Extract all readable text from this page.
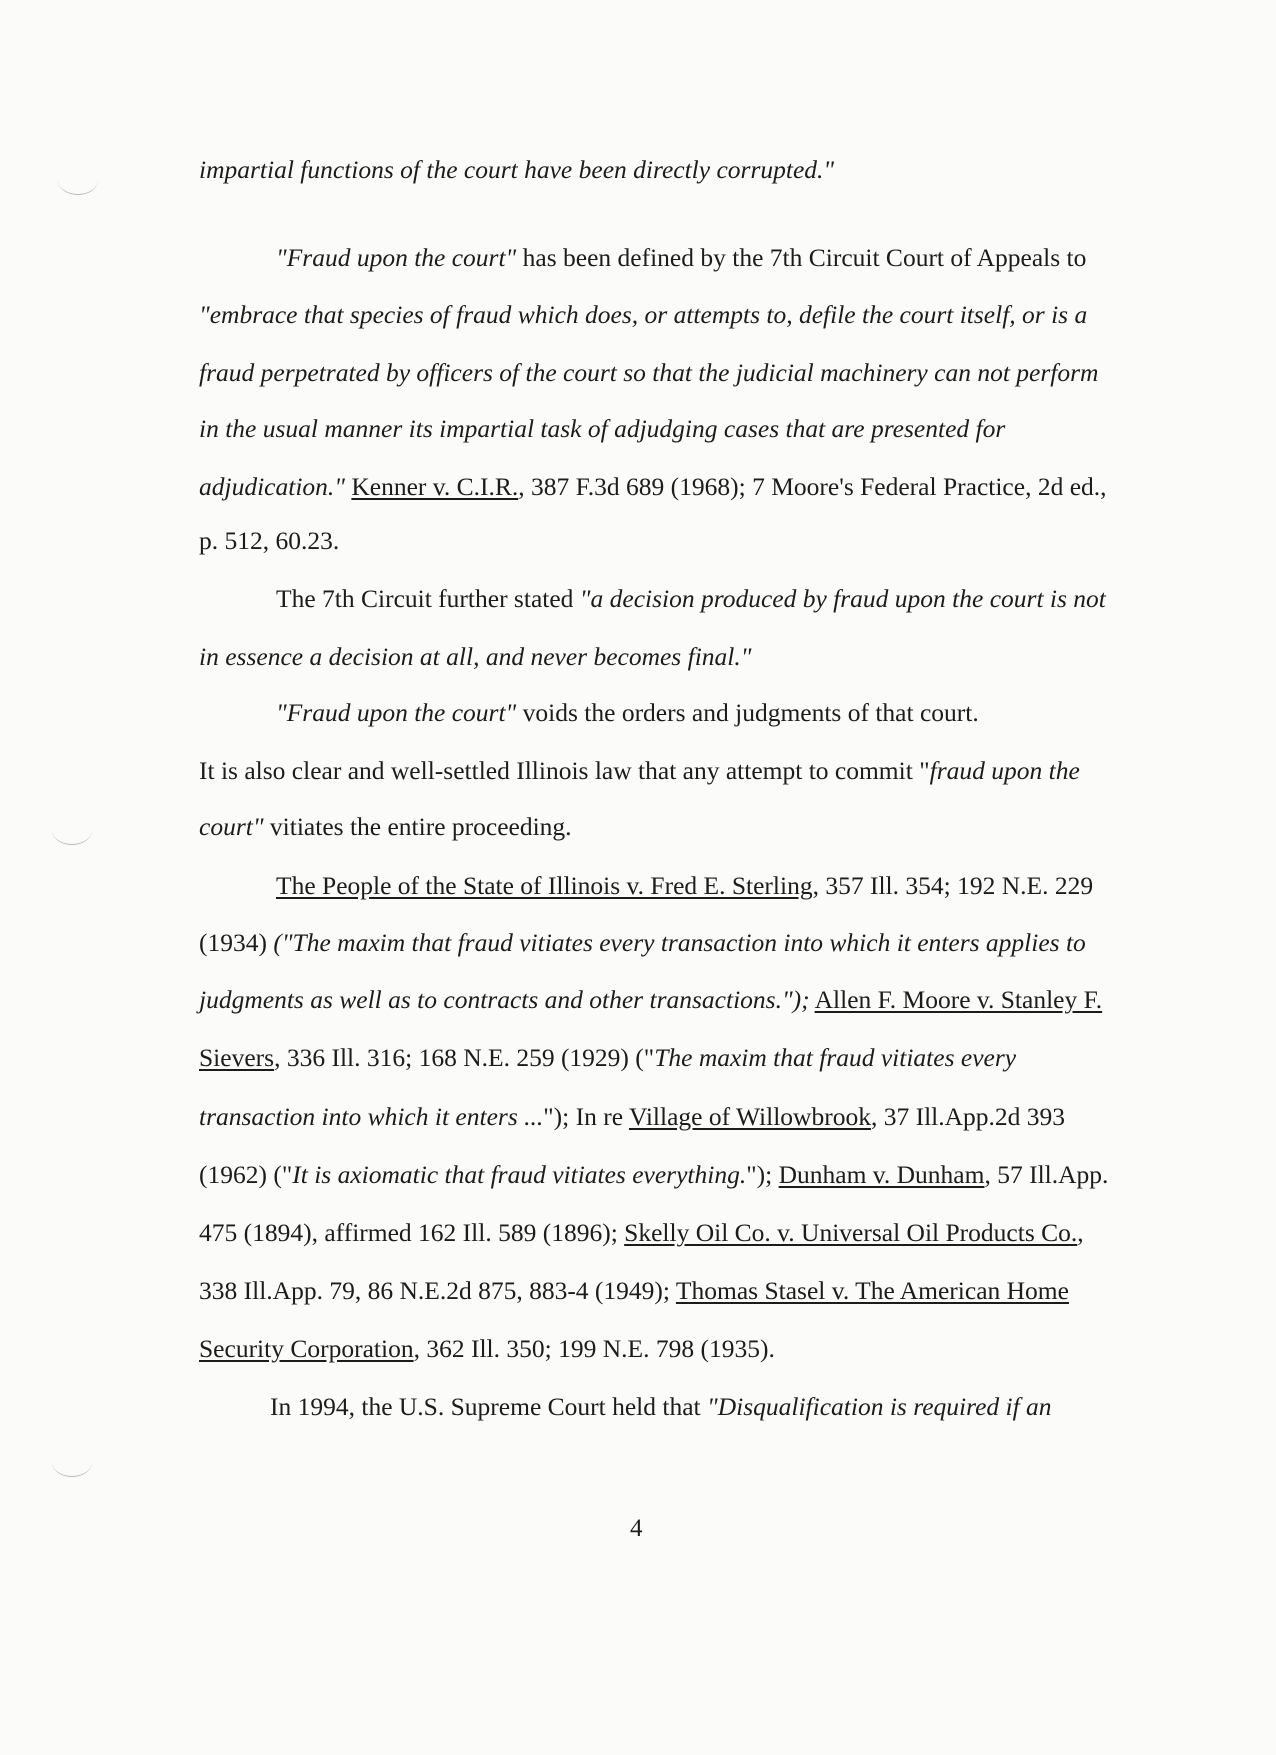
impartial functions of the court have been directly corrupted."
"Fraud upon the court" has been defined by the 7th Circuit Court of Appeals to
"embrace that species of fraud which does, or attempts to, defile the court itself, or is a
fraud perpetrated by officers of the court so that the judicial machinery can not perform
in the usual manner its impartial task of adjudging cases that are presented for
adjudication." Kenner v. C.I.R., 387 F.3d 689 (1968); 7 Moore's Federal Practice, 2d ed.,
p. 512, 60.23.
The 7th Circuit further stated "a decision produced by fraud upon the court is not
in essence a decision at all, and never becomes final."
"Fraud upon the court" voids the orders and judgments of that court.
It is also clear and well-settled Illinois law that any attempt to commit "fraud upon the
court" vitiates the entire proceeding.
The People of the State of Illinois v. Fred E. Sterling, 357 Ill. 354; 192 N.E. 229
(1934) ("The maxim that fraud vitiates every transaction into which it enters applies to
judgments as well as to contracts and other transactions."); Allen F. Moore v. Stanley F.
Sievers, 336 Ill. 316; 168 N.E. 259 (1929) ("The maxim that fraud vitiates every
transaction into which it enters ..."); In re Village of Willowbrook, 37 Ill.App.2d 393
(1962) ("It is axiomatic that fraud vitiates everything."); Dunham v. Dunham, 57 Ill.App.
475 (1894), affirmed 162 Ill. 589 (1896); Skelly Oil Co. v. Universal Oil Products Co.,
338 Ill.App. 79, 86 N.E.2d 875, 883-4 (1949); Thomas Stasel v. The American Home
Security Corporation, 362 Ill. 350; 199 N.E. 798 (1935).
In 1994, the U.S. Supreme Court held that "Disqualification is required if an
4
